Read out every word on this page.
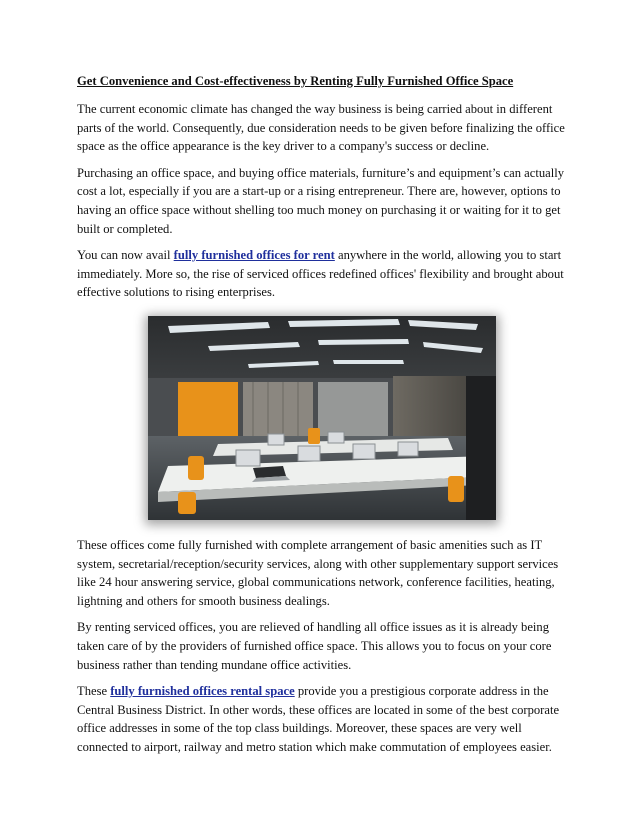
Get Convenience and Cost-effectiveness by Renting Fully Furnished Office Space

The current economic climate has changed the way business is being carried about in different parts of the world. Consequently, due consideration needs to be given before finalizing the office space as the office appearance is the key driver to a company's success or decline.

Purchasing an office space, and buying office materials, furniture’s and equipment’s can actually cost a lot, especially if you are a start-up or a rising entrepreneur. There are, however, options to having an office space without shelling too much money on purchasing it or waiting for it to get built or completed.

You can now avail fully furnished offices for rent anywhere in the world, allowing you to start immediately. More so, the rise of serviced offices redefined offices' flexibility and brought about effective solutions to rising enterprises.

These offices come fully furnished with complete arrangement of basic amenities such as IT system, secretarial/reception/security services, along with other supplementary support services like 24 hour answering service, global communications network, conference facilities, heating, lightning and others for smooth business dealings.

By renting serviced offices, you are relieved of handling all office issues as it is already being taken care of by the providers of furnished office space. This allows you to focus on your core business rather than tending mundane office activities.

These fully furnished offices rental space provide you a prestigious corporate address in the Central Business District. In other words, these offices are located in some of the best corporate office addresses in some of the top class buildings. Moreover, these spaces are very well connected to airport, railway and metro station which make commutation of employees easier.
